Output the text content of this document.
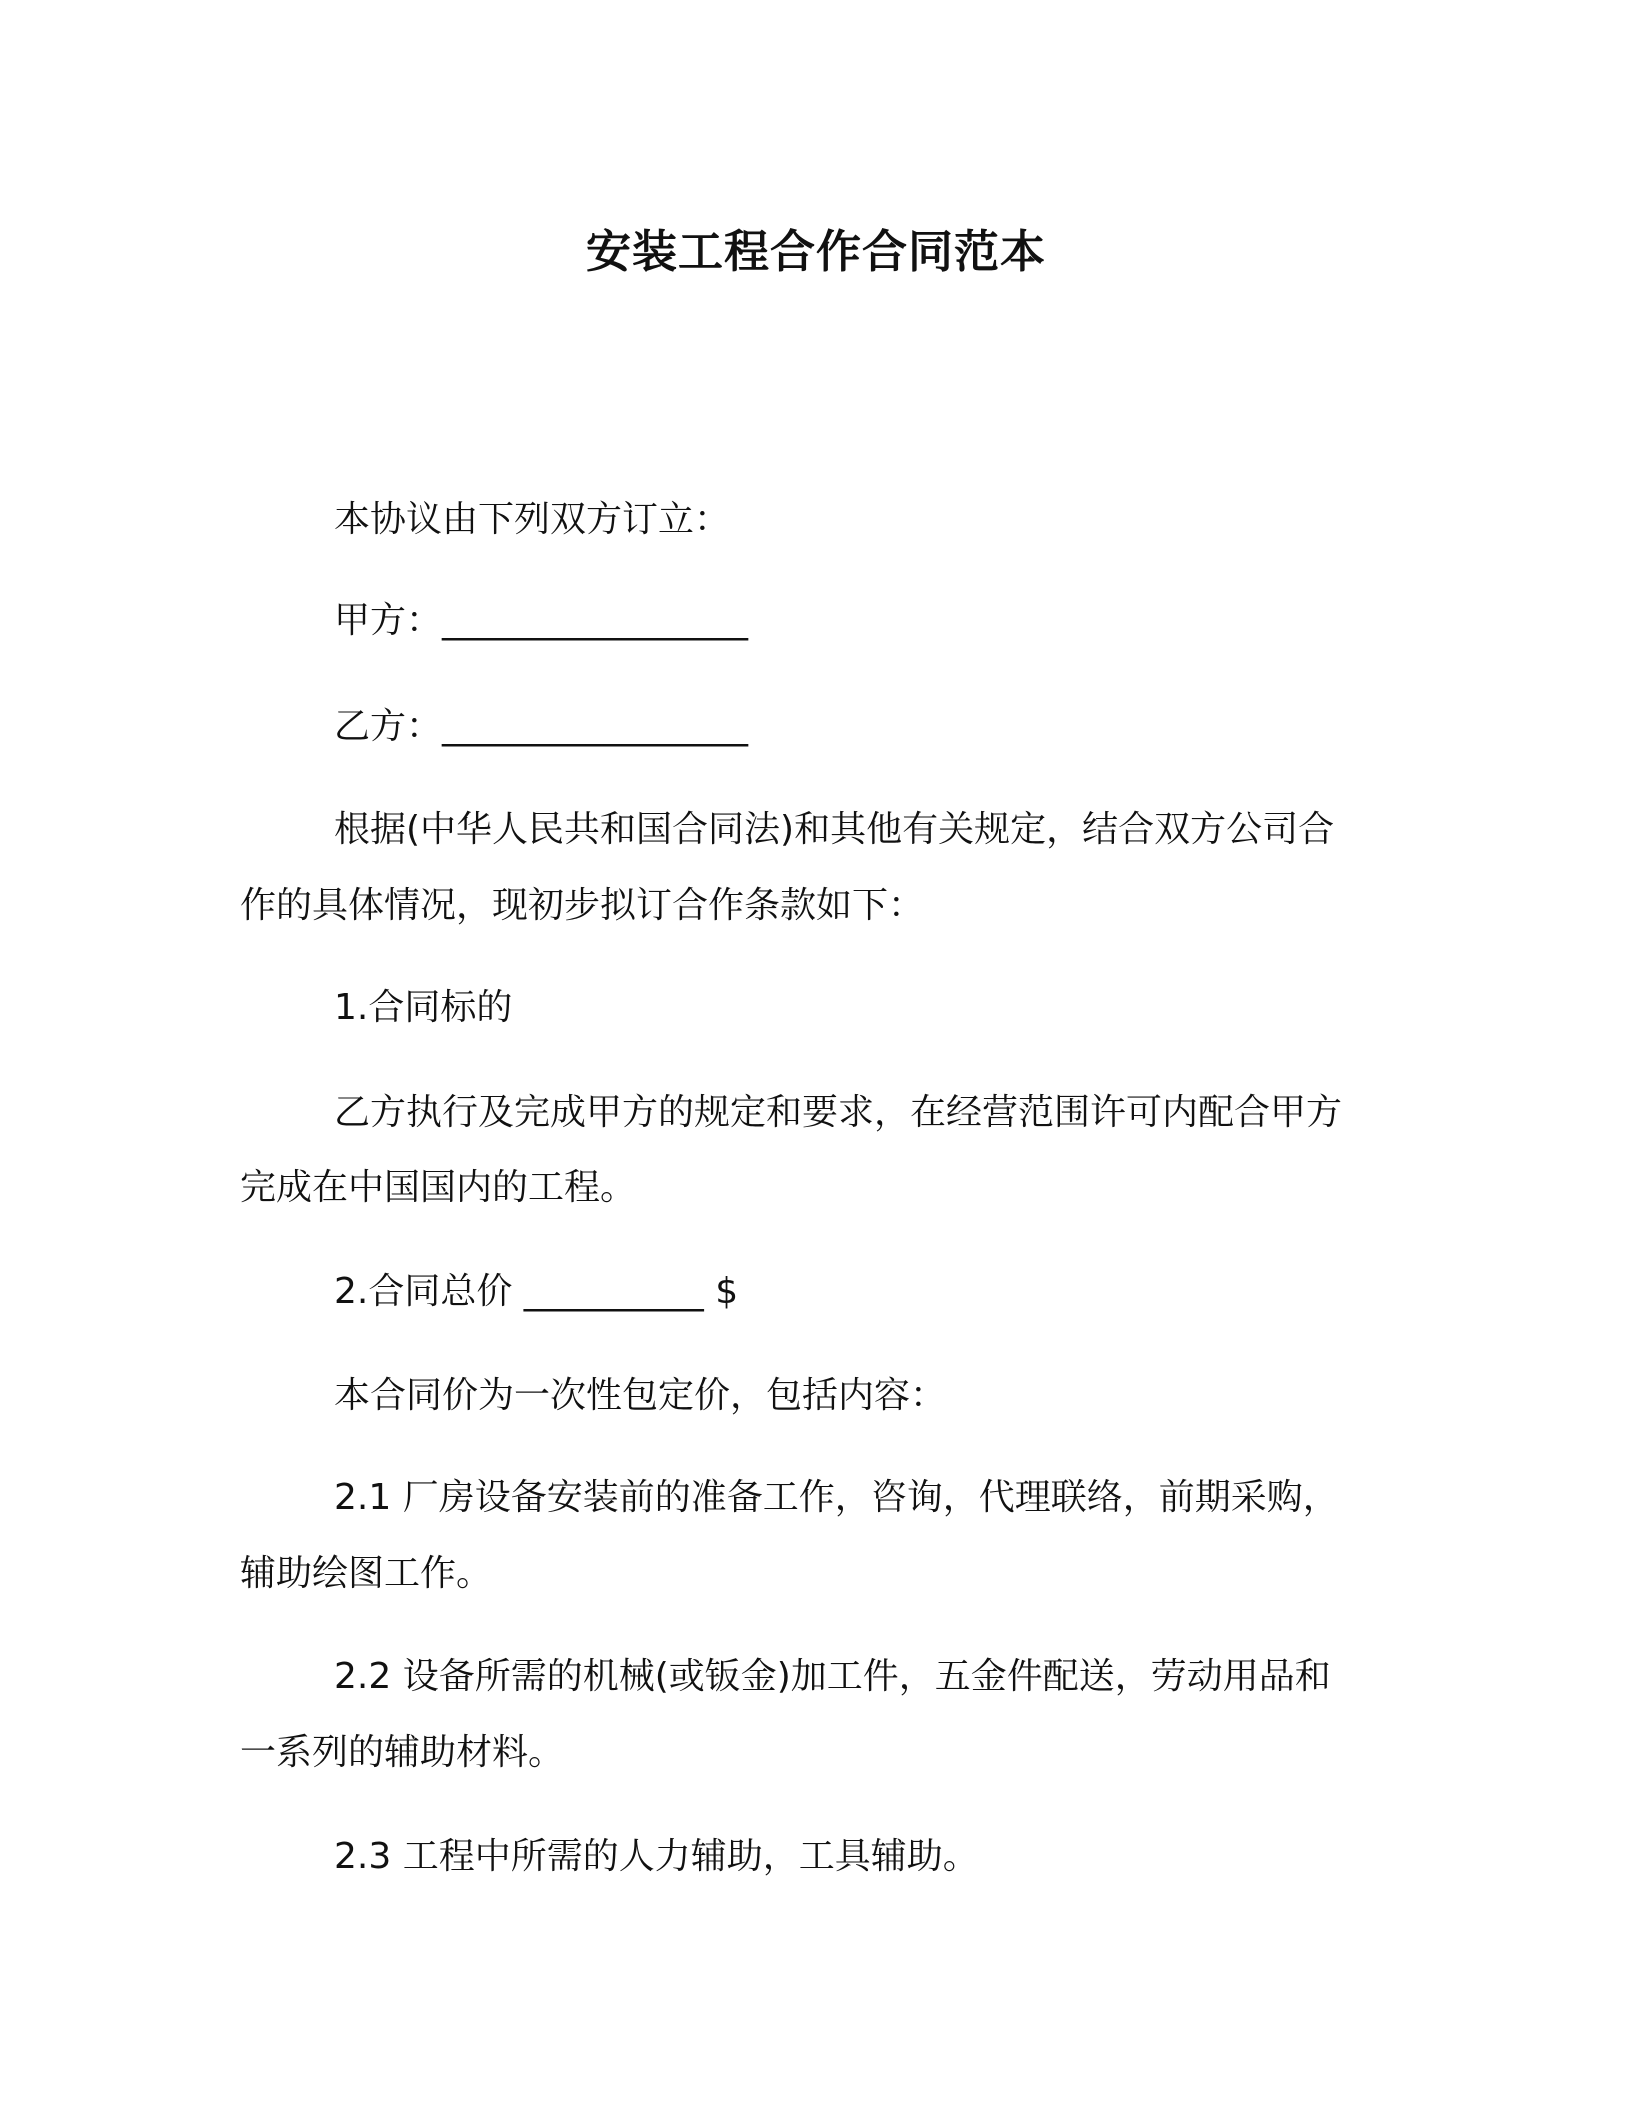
安装工程合作合同范本
本协议由下列双方订立：
甲方：_________________
乙方：_________________
根据(中华人民共和国合同法)和其他有关规定，结合双方公司合
作的具体情况，现初步拟订合作条款如下：
1.合同标的
乙方执行及完成甲方的规定和要求，在经营范围许可内配合甲方
完成在中国国内的工程。
2.合同总价 __________ $
本合同价为一次性包定价，包括内容：
2.1 厂房设备安装前的准备工作，咨询，代理联络，前期采购，
辅助绘图工作。
2.2 设备所需的机械(或钣金)加工件，五金件配送，劳动用品和
一系列的辅助材料。
2.3 工程中所需的人力辅助，工具辅助。
